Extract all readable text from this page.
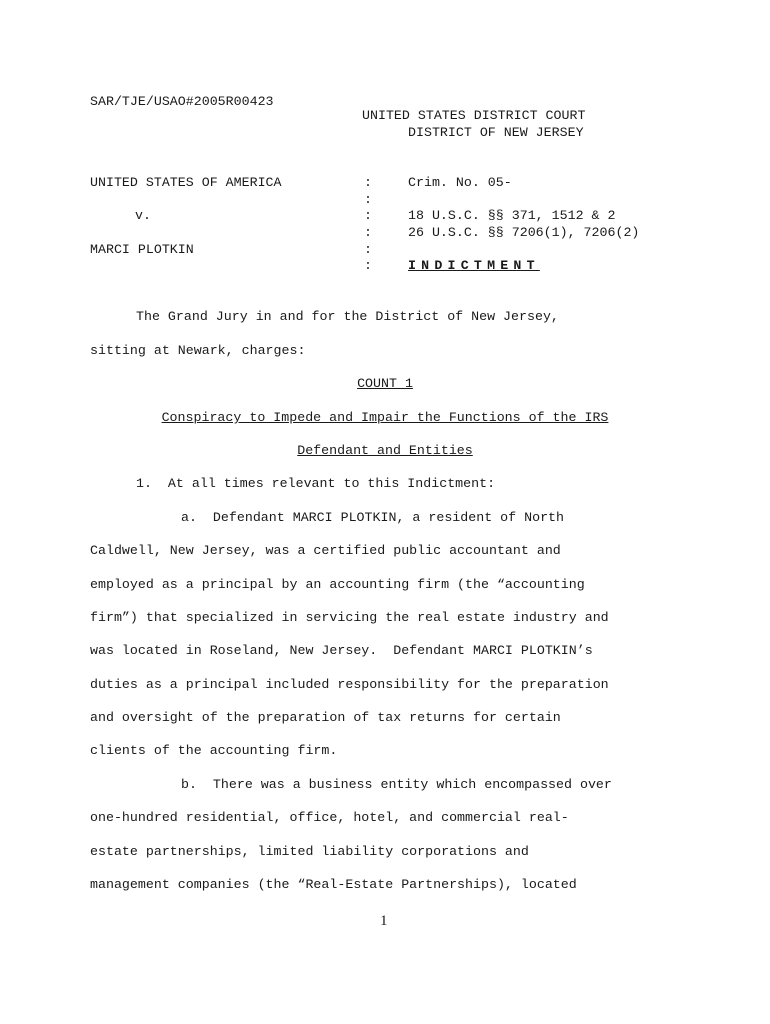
SAR/TJE/USAO#2005R00423
UNITED STATES DISTRICT COURT
DISTRICT OF NEW JERSEY
UNITED STATES OF AMERICA
v.
MARCI PLOTKIN
:
:
:
:
:
:
Crim. No. 05-
18 U.S.C. §§ 371, 1512 & 2
26 U.S.C. §§ 7206(1), 7206(2)
INDICTMENT
The Grand Jury in and for the District of New Jersey,
sitting at Newark, charges:
COUNT 1
Conspiracy to Impede and Impair the Functions of the IRS
Defendant and Entities
1.  At all times relevant to this Indictment:
a.  Defendant MARCI PLOTKIN, a resident of North
Caldwell, New Jersey, was a certified public accountant and
employed as a principal by an accounting firm (the “accounting
firm”) that specialized in servicing the real estate industry and
was located in Roseland, New Jersey.  Defendant MARCI PLOTKIN’s
duties as a principal included responsibility for the preparation
and oversight of the preparation of tax returns for certain
clients of the accounting firm.
b.  There was a business entity which encompassed over
one-hundred residential, office, hotel, and commercial real-
estate partnerships, limited liability corporations and
management companies (the “Real-Estate Partnerships), located
1
